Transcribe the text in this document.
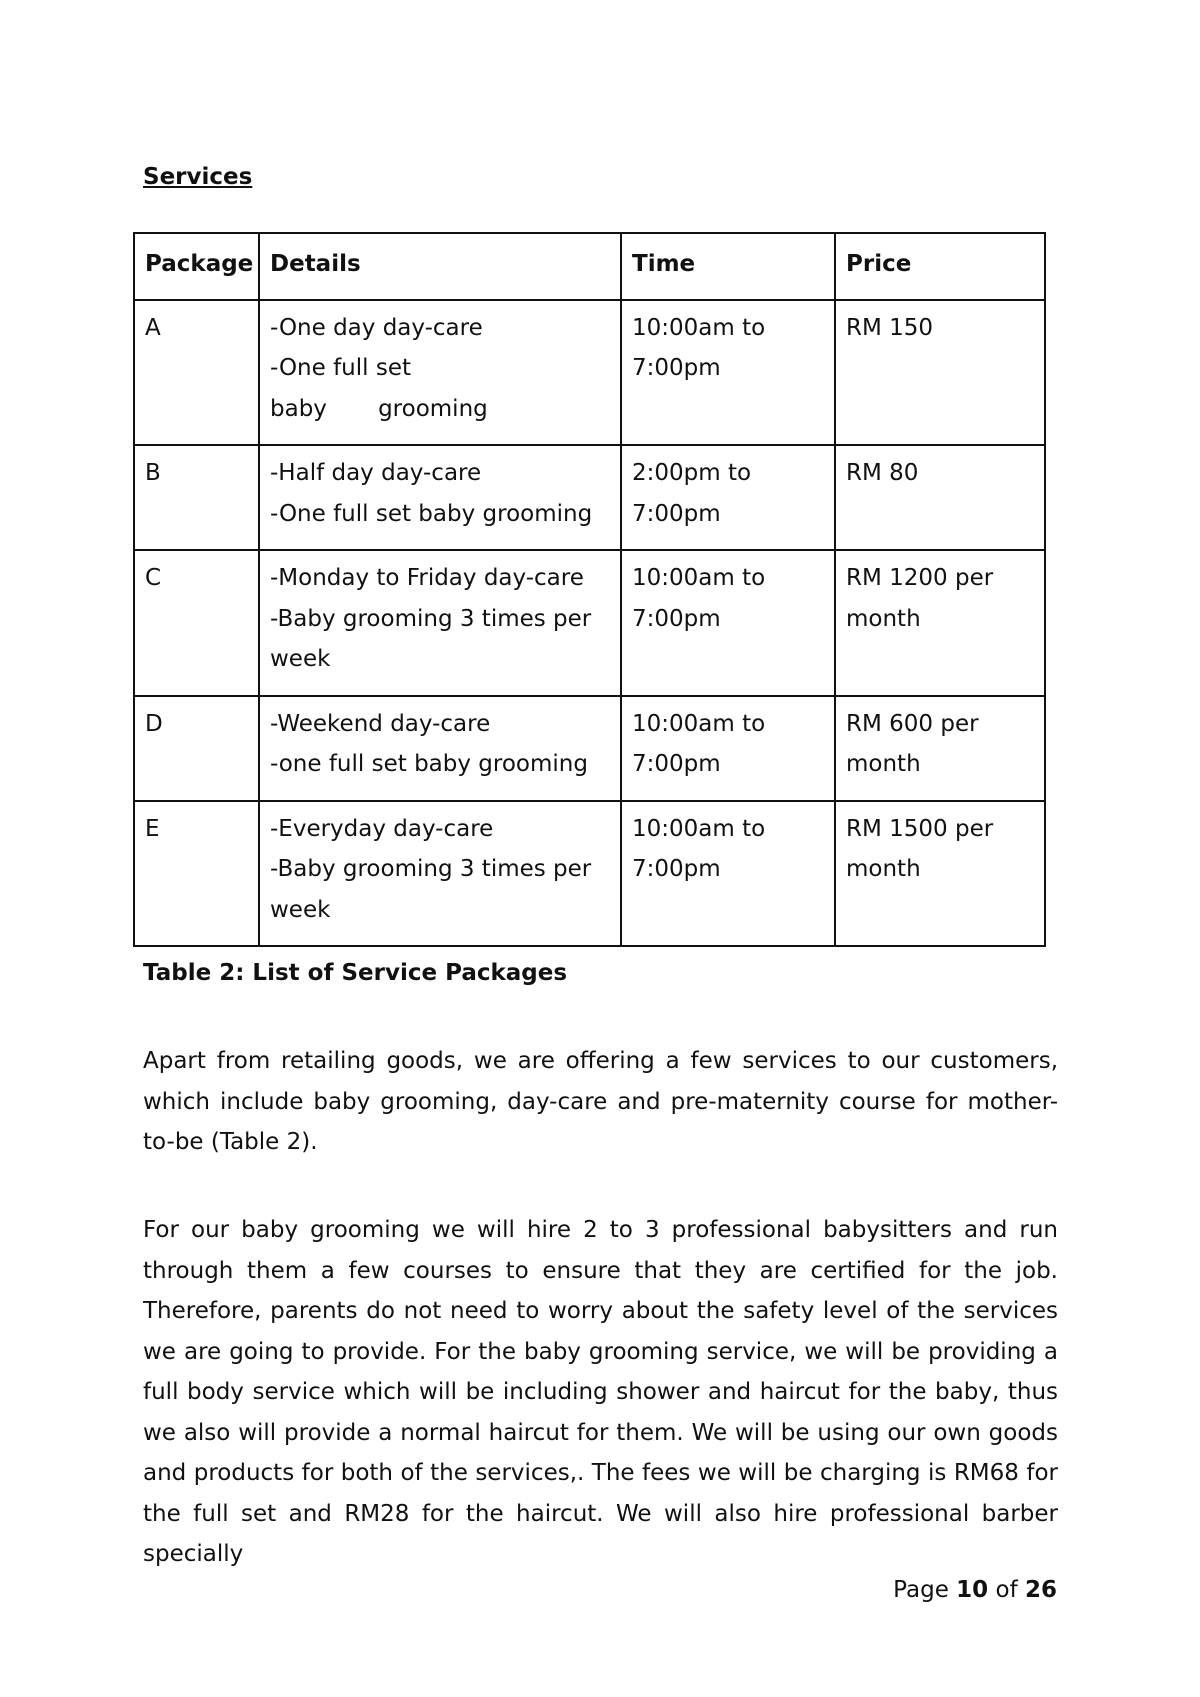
Services
Package	Details	Time	Price
A	-One day day-care
-One full set
baby       grooming	10:00am to
7:00pm	RM 150

B	-Half day day-care
-One full set baby grooming	2:00pm to
7:00pm	RM 80

C	-Monday to Friday day-care
-Baby grooming 3 times per
week	10:00am to
7:00pm	RM 1200 per
month

D	-Weekend day-care
-one full set baby grooming	10:00am to
7:00pm	RM 600 per
month

E	-Everyday day-care
-Baby grooming 3 times per
week	10:00am to
7:00pm	RM 1500 per
month
Table 2: List of Service Packages

Apart from retailing goods, we are offering a few services to our customers, which include baby grooming, day-care and pre-maternity course for mother-to-be (Table 2).

For our baby grooming we will hire 2 to 3 professional babysitters and run through them a few courses to ensure that they are certified for the job. Therefore, parents do not need to worry about the safety level of the services we are going to provide. For the baby grooming service, we will be providing a full body service which will be including shower and haircut for the baby, thus we also will provide a normal haircut for them. We will be using our own goods and products for both of the services,. The fees we will be charging is RM68 for the full set and RM28 for the haircut. We will also hire professional barber specially

Page 10 of 26
